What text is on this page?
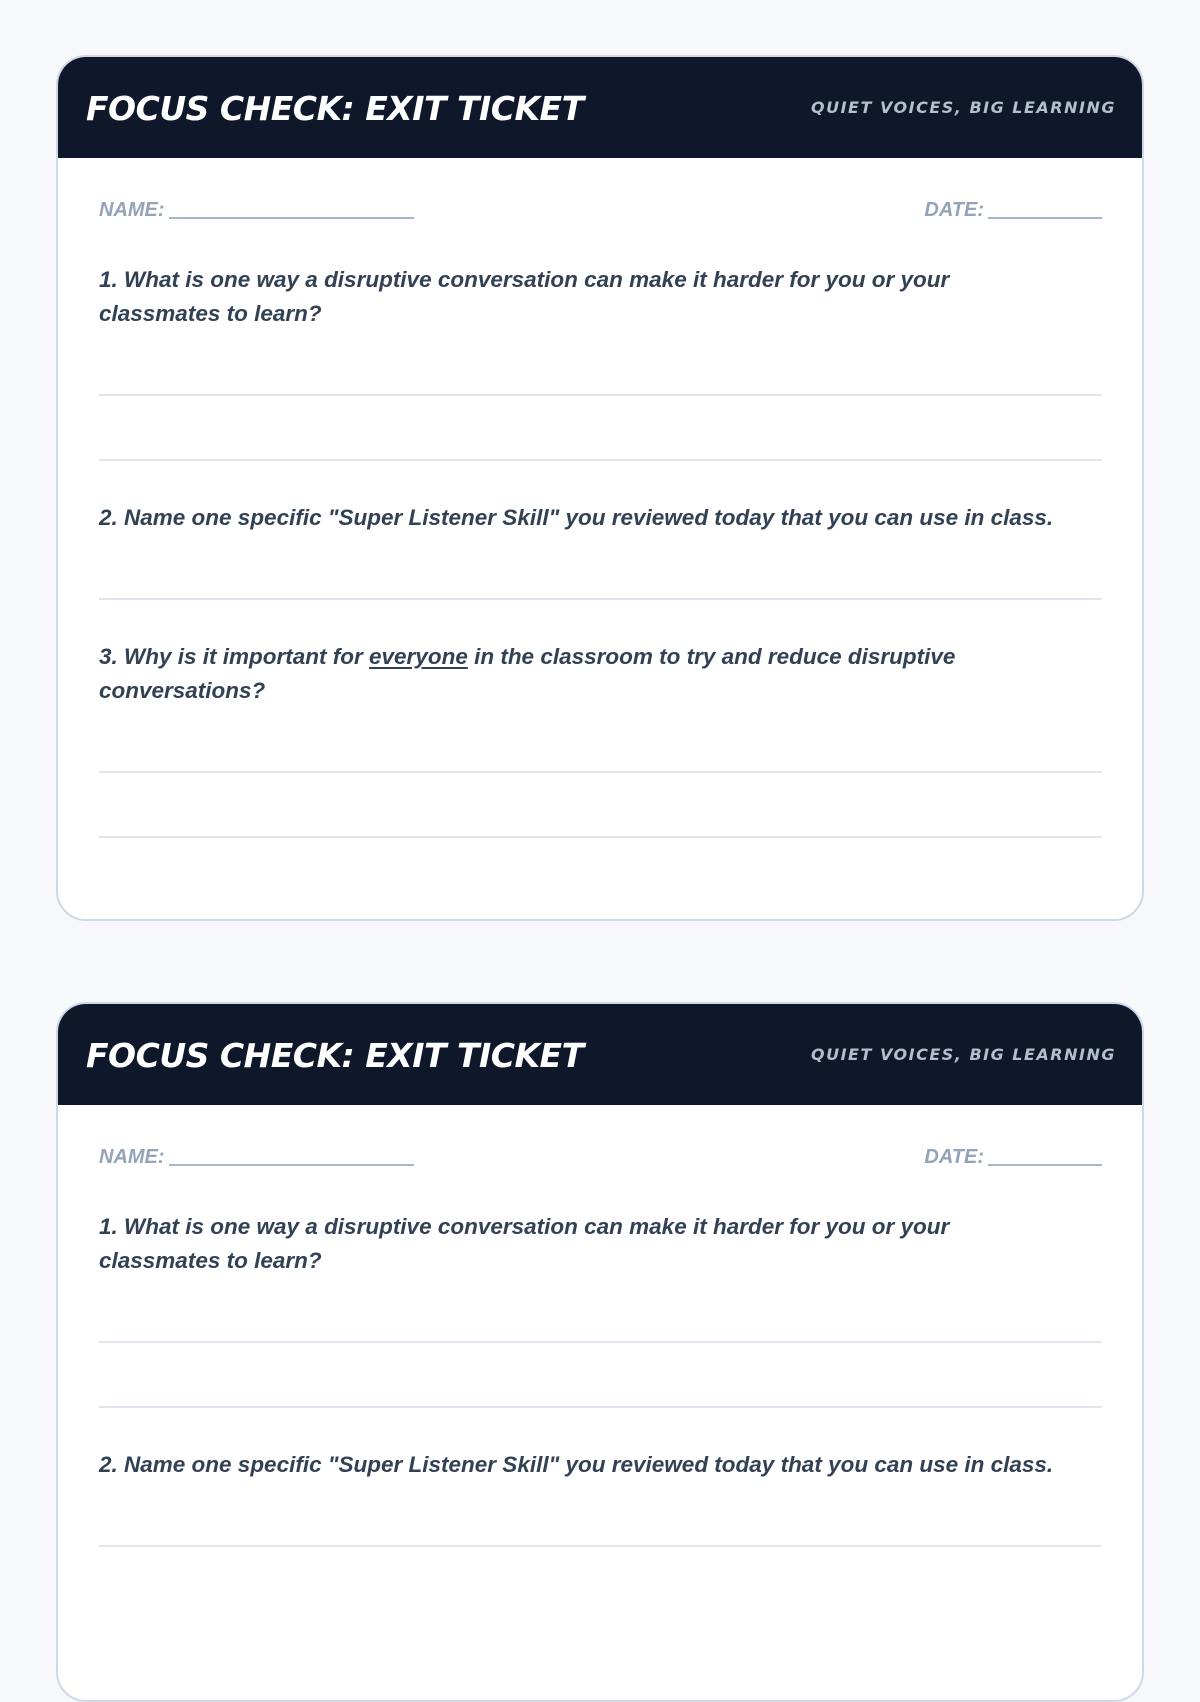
FOCUS CHECK: EXIT TICKET	QUIET VOICES, BIG LEARNING
NAME:	DATE:

1. What is one way a disruptive conversation can make it harder for you or your classmates to learn?

2. Name one specific "Super Listener Skill" you reviewed today that you can use in class.

3. Why is it important for everyone in the classroom to try and reduce disruptive conversations?

FOCUS CHECK: EXIT TICKET	QUIET VOICES, BIG LEARNING
NAME:	DATE:

1. What is one way a disruptive conversation can make it harder for you or your classmates to learn?

2. Name one specific "Super Listener Skill" you reviewed today that you can use in class.
